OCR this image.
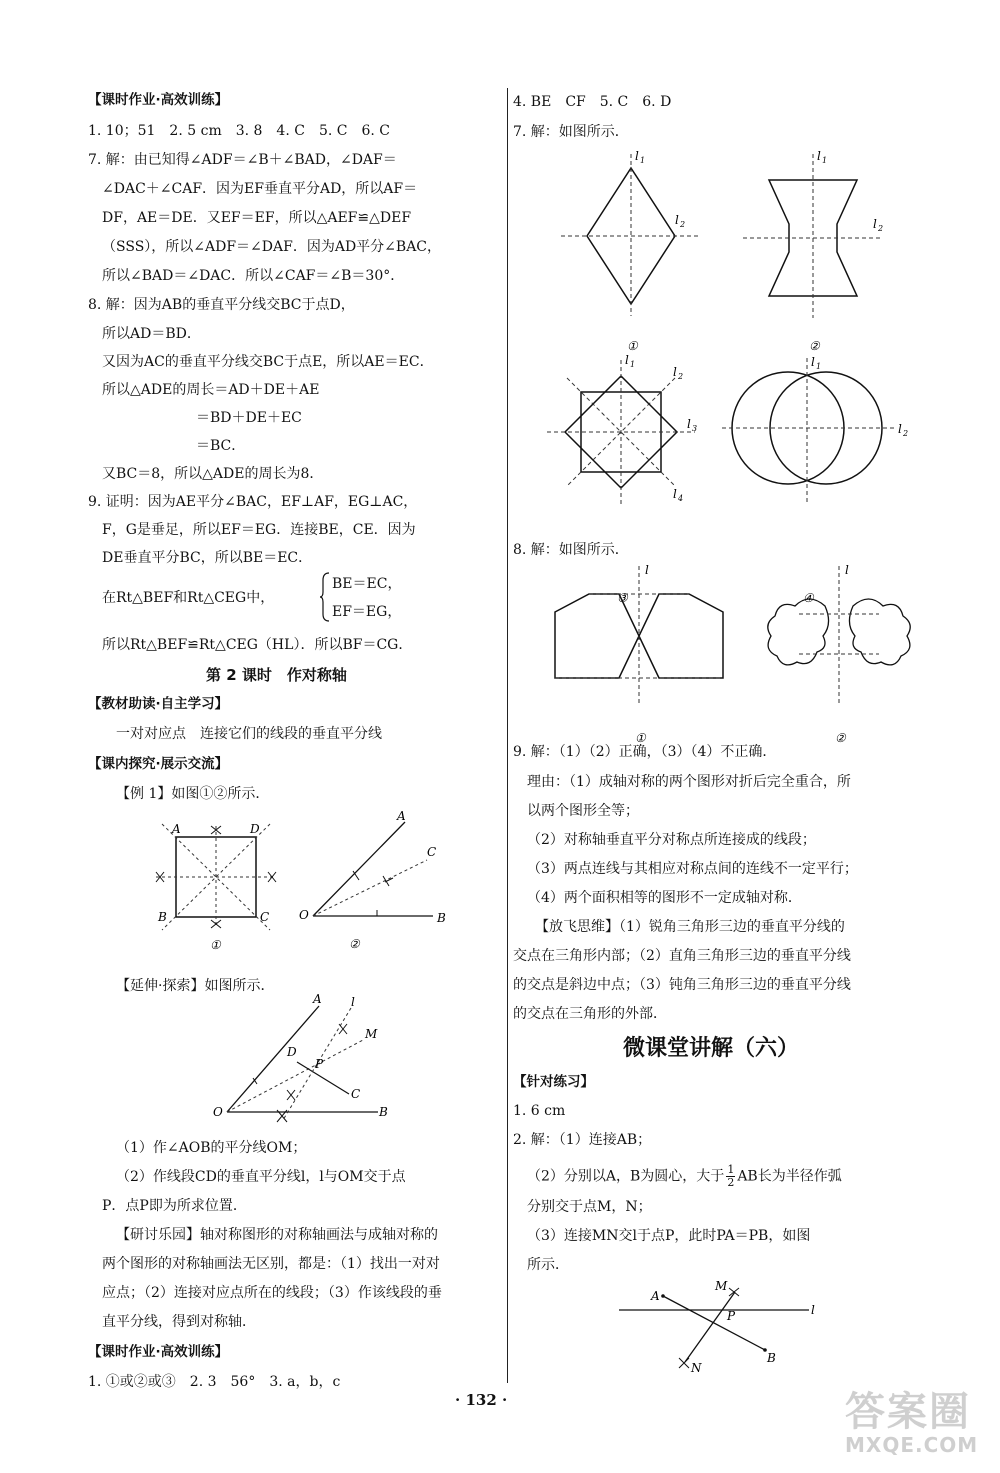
【课时作业·高效训练】
1. 10；51　2. 5 cm　3. 8　4. C　5. C　6. C
7. 解：由已知得∠ADF＝∠B＋∠BAD，∠DAF＝
∠DAC＋∠CAF．因为EF垂直平分AD，所以AF＝
DF，AE＝DE．又EF＝EF，所以△AEF≌△DEF
（SSS），所以∠ADF＝∠DAF．因为AD平分∠BAC，
所以∠BAD＝∠DAC．所以∠CAF＝∠B＝30°．
8. 解：因为AB的垂直平分线交BC于点D，
所以AD＝BD．
又因为AC的垂直平分线交BC于点E，所以AE＝EC．
所以△ADE的周长＝AD＋DE＋AE
＝BD＋DE＋EC
＝BC．
又BC＝8，所以△ADE的周长为8．
9. 证明：因为AE平分∠BAC，EF⊥AF，EG⊥AC，
F，G是垂足，所以EF＝EG．连接BE，CE．因为
DE垂直平分BC，所以BE＝EC．
在Rt△BEF和Rt△CEG中，
BE＝EC，
EF＝EG，
所以Rt△BEF≌Rt△CEG（HL）．所以BF＝CG．
第 2 课时　作对称轴
【教材助读·自主学习】
一对对应点　连接它们的线段的垂直平分线
【课内探究·展示交流】
【例 1】如图①②所示．
A	D
B	C
①
A
C
O	B
②
【延伸·探索】如图所示．
A l
M
D
P
C
O	B
（1）作∠AOB的平分线OM；
（2）作线段CD的垂直平分线l，l与OM交于点
P．点P即为所求位置．
【研讨乐园】轴对称图形的对称轴画法与成轴对称的
两个图形的对称轴画法无区别，都是：（1）找出一对对
应点；（2）连接对应点所在的线段；（3）作该线段的垂
直平分线，得到对称轴．
【课时作业·高效训练】
1. ①或②或③　2. 3　56°　3. a，b，c
4. BE　CF　5. C　6. D
7. 解：如图所示．
l 1
l 2
①
l 1
l 2
②
l 1
l 2
l 3
l 4
③
l 1
l 2
④
8. 解：如图所示．
l
①
l
②
9. 解：（1）（2）正确，（3）（4）不正确．
理由：（1）成轴对称的两个图形对折后完全重合，所
以两个图形全等；
（2）对称轴垂直平分对称点所连接成的线段；
（3）两点连线与其相应对称点间的连线不一定平行；
（4）两个面积相等的图形不一定成轴对称．
【放飞思维】（1）锐角三角形三边的垂直平分线的
交点在三角形内部；（2）直角三角形三边的垂直平分线
的交点是斜边中点；（3）钝角三角形三边的垂直平分线
的交点在三角形的外部．
微课堂讲解（六）
【针对练习】
1. 6 cm
2. 解：（1）连接AB；
（2）分别以A，B为圆心，大于 $\frac{1}{2}$ AB长为半径作弧
分别交于点M，N；
（3）连接MN交l于点P，此时PA＝PB，如图
所示．
M
A
P	l
B
N
· 132 ·	答案圈
MXQE.COM
